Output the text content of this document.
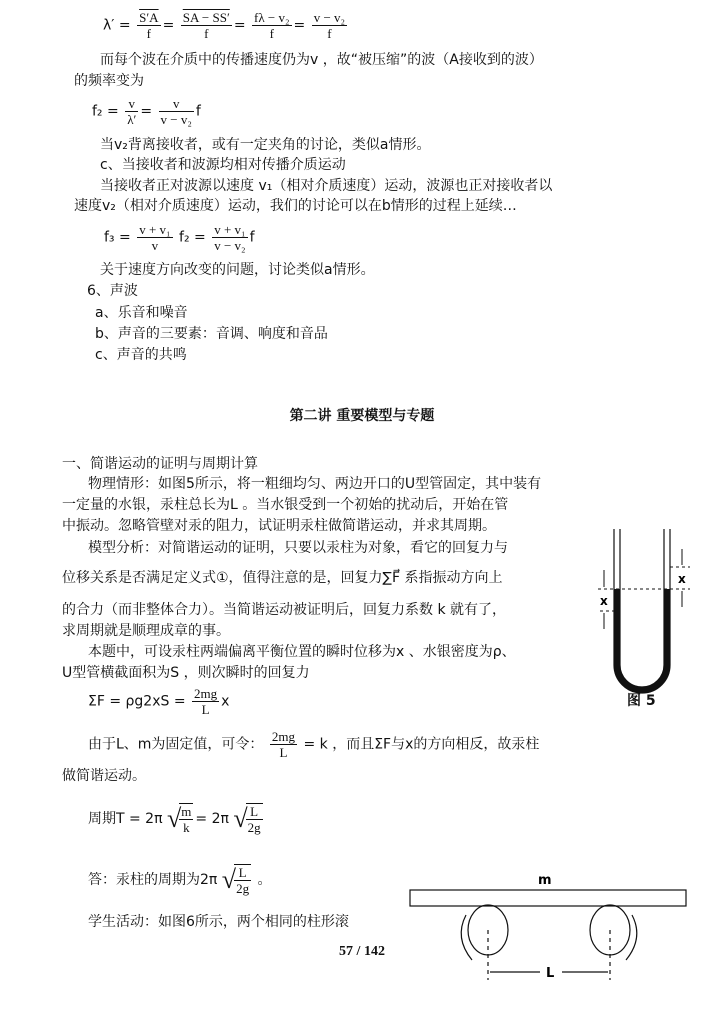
$\lambda' = \frac{S'A}{f} = \frac{SA - SS'}{f} = \frac{\text{fλ − v₂}}{f} = \frac{\text{v − v₂}}{f}$
而每个波在介质中的传播速度仍为v ，故“被压缩”的波（A接收到的波）
的频率变为
$f_2 = \frac{v}{\lambda'} = \frac{v}{\text{v − v₂}}$ f
当v₂背离接收者，或有一定夹角的讨论，类似a情形。
c、当接收者和波源均相对传播介质运动
当接收者正对波源以速度 v₁（相对介质速度）运动，波源也正对接收者以
速度v₂（相对介质速度）运动，我们的讨论可以在b情形的过程上延续…
$f_3 = \frac{\text{v + v₁}}{v} f_2 = \frac{\text{v + v₁}}{\text{v − v₂}}$ f
关于速度方向改变的问题，讨论类似a情形。
6、声波
a、乐音和噪音
b、声音的三要素：音调、响度和音品
c、声音的共鸣
第二讲 重要模型与专题
一、简谐运动的证明与周期计算
物理情形：如图5所示，将一粗细均匀、两边开口的U型管固定，其中装有
一定量的水银，汞柱总长为L 。当水银受到一个初始的扰动后，开始在管
中振动。忽略管壁对汞的阻力，试证明汞柱做简谐运动，并求其周期。
模型分析：对简谐运动的证明，只要以汞柱为对象，看它的回复力与
位移关系是否满足定义式①，值得注意的是，回复力∑F⃗ 系指振动方向上
的合力（而非整体合力）。当简谐运动被证明后，回复力系数 k 就有了，
求周期就是顺理成章的事。
本题中，可设汞柱两端偏离平衡位置的瞬时位移为x 、水银密度为ρ、
U型管横截面积为S ，则次瞬时的回复力
$\Sigma F = \rho g2xS = \frac{2mg}{L}$ x
由于L、m为固定值，可令： $\frac{2mg}{L} = k$ ，而且ΣF与x的方向相反，故汞柱
做简谐运动。
周期T = 2π √
$\frac{m}{k} = 2\pi$ √
$\frac{L}{2g}$
答：汞柱的周期为2π √
$\frac{L}{2g}$ 。
学生活动：如图6所示，两个相同的柱形滚
57 / 142
x
x
图 5
m
L
